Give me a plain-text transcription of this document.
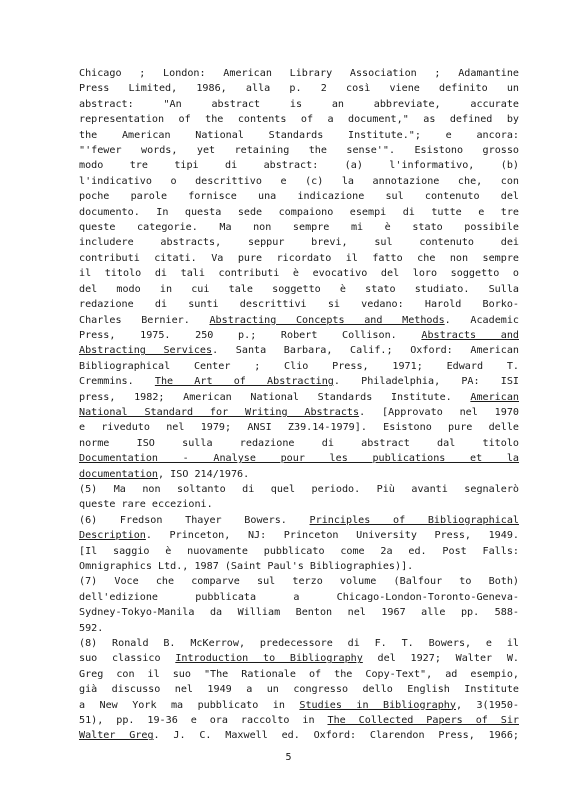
Chicago ; London: American Library Association ; Adamantine
Press Limited, 1986, alla p. 2 così viene definito un
abstract: "An abstract is an abbreviate, accurate
representation of the contents of a document," as defined by
the American National Standards Institute."; e ancora:
"'fewer words, yet retaining the sense'". Esistono grosso
modo tre tipi di abstract: (a) l'informativo, (b)
l'indicativo o descrittivo e (c) la annotazione che, con
poche parole fornisce una indicazione sul contenuto del
documento. In questa sede compaiono esempi di tutte e tre
queste categorie. Ma non sempre mi è stato possibile
includere abstracts, seppur brevi, sul contenuto dei
contributi citati. Va pure ricordato il fatto che non sempre
il titolo di tali contributi è evocativo del loro soggetto o
del modo in cui tale soggetto è stato studiato. Sulla
redazione di sunti descrittivi si vedano: Harold Borko-
Charles Bernier. Abstracting Concepts and Methods. Academic
Press, 1975. 250 p.; Robert Collison. Abstracts and
Abstracting Services. Santa Barbara, Calif.; Oxford: American
Bibliographical Center ; Clio Press, 1971; Edward T.
Cremmins. The Art of Abstracting. Philadelphia, PA: ISI
press, 1982; American National Standards Institute. American
National Standard for Writing Abstracts. [Approvato nel 1970
e riveduto nel 1979; ANSI Z39.14-1979]. Esistono pure delle
norme ISO sulla redazione di abstract dal titolo
Documentation - Analyse pour les publications et la
documentation, ISO 214/1976.
(5) Ma non soltanto di quel periodo. Più avanti segnalerò
queste rare eccezioni.
(6) Fredson Thayer Bowers. Principles of Bibliographical
Description. Princeton, NJ: Princeton University Press, 1949.
[Il saggio è nuovamente pubblicato come 2a ed. Post Falls:
Omnigraphics Ltd., 1987 (Saint Paul's Bibliographies)].
(7) Voce che comparve sul terzo volume (Balfour to Both)
dell'edizione pubblicata a Chicago-London-Toronto-Geneva-
Sydney-Tokyo-Manila da William Benton nel 1967 alle pp. 588-
592.
(8) Ronald B. McKerrow, predecessore di F. T. Bowers, e il
suo classico Introduction to Bibliography del 1927; Walter W.
Greg con il suo "The Rationale of the Copy-Text", ad esempio,
già discusso nel 1949 a un congresso dello English Institute
a New York ma pubblicato in Studies in Bibliography, 3(1950-
51), pp. 19-36 e ora raccolto in The Collected Papers of Sir
Walter Greg. J. C. Maxwell ed. Oxford: Clarendon Press, 1966;
5
